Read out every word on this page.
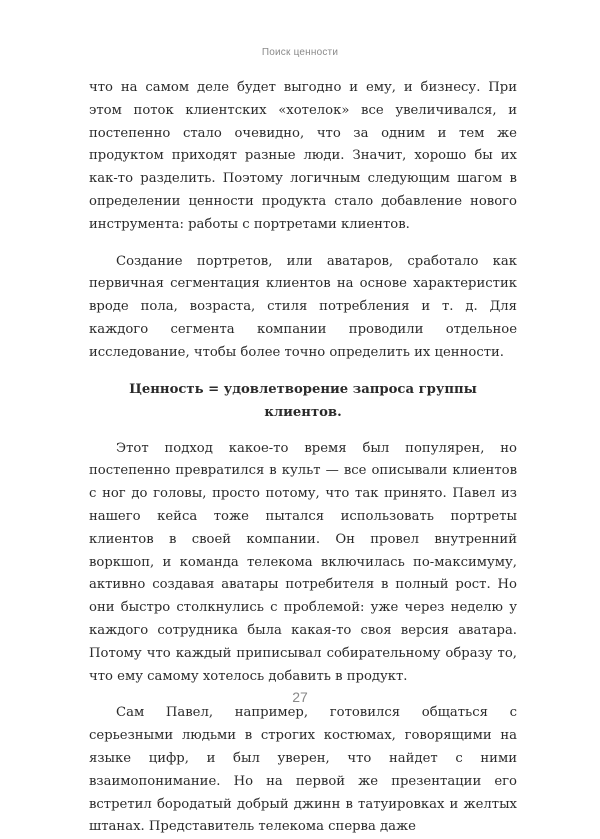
Поиск ценности

что на самом деле будет выгодно и ему, и бизнесу. При этом поток клиентских «хотелок» все увеличивался, и постепенно стало очевидно, что за одним и тем же продуктом приходят разные люди. Значит, хорошо бы их как-то разделить. Поэтому логичным следующим шагом в определении ценности продукта стало добавление нового инструмента: работы с портретами клиентов.

Создание портретов, или аватаров, сработало как первичная сегментация клиентов на основе характеристик вроде пола, возраста, стиля потребления и т. д. Для каждого сегмента компании проводили отдельное исследование, чтобы более точно определить их ценности.

Ценность = удовлетворение запроса группы клиентов.

Этот подход какое-то время был популярен, но постепенно превратился в культ — все описывали клиентов с ног до головы, просто потому, что так принято. Павел из нашего кейса тоже пытался использовать портреты клиентов в своей компании. Он провел внутренний воркшоп, и команда телекома включилась по-максимуму, активно создавая аватары потребителя в полный рост. Но они быстро столкнулись с проблемой: уже через неделю у каждого сотрудника была какая-то своя версия аватара. Потому что каждый приписывал собирательному образу то, что ему самому хотелось добавить в продукт.

Сам Павел, например, готовился общаться с серьезными людьми в строгих костюмах, говорящими на языке цифр, и был уверен, что найдет с ними взаимопонимание. Но на первой же презентации его встретил бородатый добрый джинн в татуировках и желтых штанах. Представитель телекома сперва даже

27
